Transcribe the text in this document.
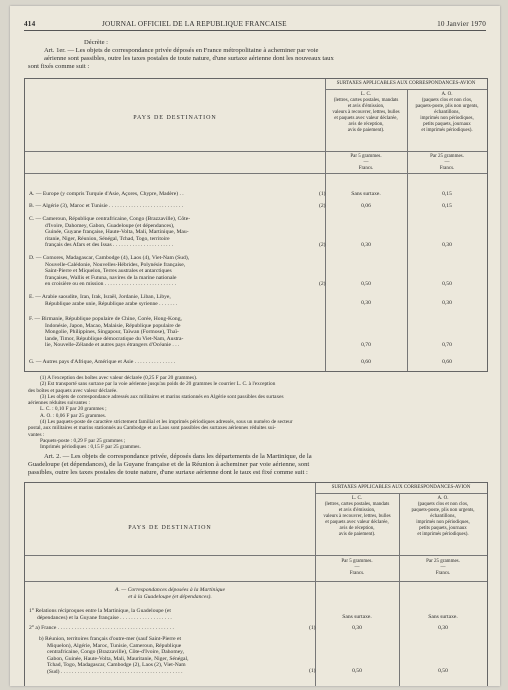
414	JOURNAL OFFICIEL DE LA REPUBLIQUE FRANCAISE	10 Janvier 1970
Décrète :
Art. 1er. — Les objets de correspondance privée déposés en France métropolitaine à acheminer par voie
aérienne sont passibles, outre les taxes postales de toute nature, d'une surtaxe aérienne dont les nouveaux taux
sont fixés comme suit :
SURTAXES APPLICABLES AUX CORRESPONDANCES-AVION
PAYS DE DESTINATION
L. C.
(lettres, cartes postales, mandats
et avis d'émission,
valeurs à recouvrer, lettres, bulles
et paquets avec valeur déclarée,
avis de réception,
avis de paiement).
A. O.
(paquets clos et non clos,
paquets-poste, plis non urgents,
échantillons,
imprimés non périodiques,
petits paquets, journaux
et imprimés périodiques).
Par 5 grammes.
—
Francs.
Par 25 grammes.
—
Francs.
A. — Europe (y compris Turquie d'Asie, Açores, Chypre, Madère) . .	(1)	Sans surtaxe.	0,15
B. — Algérie (3), Maroc et Tunisie . . . . . . . . . . . . . . . . . . . . . . . . . . .	(2)	0,06	0,15
C. — Cameroun, République centrafricaine, Congo (Brazzaville), Côte-
d'Ivoire, Dahomey, Gabon, Guadeloupe (et dépendances),
Guinée, Guyane française, Haute-Volta, Mali, Martinique, Mau-
ritanie, Niger, Réunion, Sénégal, Tchad, Togo, territoire
français des Afars et des Issas . . . . . . . . . . . . . . . . . . . . . .	(2)	0,30	0,30
D. — Comores, Madagascar, Cambodge (4), Laos (4), Viet-Nam (Sud),
Nouvelle-Calédonie, Nouvelles-Hébrides, Polynésie française,
Saint-Pierre et Miquelon, Terres australes et antarctiques
françaises, Wallis et Futuna, navires de la marine nationale
en croisière ou en mission . . . . . . . . . . . . . . . . . . . . . . . . . .	(2)	0,50	0,50
E. — Arabie saoudite, Iran, Irak, Israël, Jordanie, Liban, Libye,
République arabe unie, République arabe syrienne . . . . . . .	0,30	0,30
F. — Birmanie, République populaire de Chine, Corée, Hong-Kong,
Indonésie, Japon, Macao, Malaisie, République populaire de
Mongolie, Philippines, Singapour, Taïwan (Formose), Thaï-
lande, Timor, République démocratique du Viet-Nam, Austra-
lie, Nouvelle-Zélande et autres pays étrangers d'Océanie . . .	0,70	0,70
G. — Autres pays d'Afrique, Amérique et Asie . . . . . . . . . . . . . . .	0,60	0,60
(1) A l'exception des boîtes avec valeur déclarée (0,25 F par 20 grammes).
(2) Est transporté sans surtaxe par la voie aérienne jusqu'au poids de 20 grammes le courrier L. C. à l'exception
des boîtes et paquets avec valeur déclarée.
(3) Les objets de correspondance adressés aux militaires et marins stationnés en Algérie sont passibles des surtaxes
aériennes réduites suivantes :
L. C. : 0,10 F par 20 grammes ;
A. O. : 0,06 F par 25 grammes.
(4) Les paquets-poste de caractère strictement familial et les imprimés périodiques adressés, sous un numéro de secteur
postal, aux militaires et marins stationnés au Cambodge et au Laos sont passibles des surtaxes aériennes réduites sui-
vantes :
Paquets-poste : 0,29 F par 25 grammes ;
Imprimés périodiques : 0,15 F par 25 grammes.
Art. 2. — Les objets de correspondance privée, déposés dans les départements de la Martinique, de la
Guadeloupe (et dépendances), de la Guyane française et de la Réunion à acheminer par voie aérienne, sont
passibles, outre les taxes postales de toute nature, d'une surtaxe aérienne dont le taux est fixé comme suit :
SURTAXES APPLICABLES AUX CORRESPONDANCES-AVION
PAYS DE DESTINATION
L. C.
(lettres, cartes postales, mandats
et avis d'émission,
valeurs à recouvrer, lettres, bulles
et paquets avec valeur déclarée,
avis de réception,
avis de paiement).
A. O.
(paquets clos et non clos,
paquets-poste, plis non urgents,
échantillons,
imprimés non périodiques,
petits paquets, journaux
et imprimés périodiques).
Par 5 grammes.
—
Francs.
Par 25 grammes.
—
Francs.
A. — Correspondances déposées à la Martinique
et à la Guadeloupe (et dépendances).
1° Relations réciproques entre la Martinique, la Guadeloupe (et
dépendances) et la Guyane française . . . . . . . . . . . . . . . . . . .	Sans surtaxe.	Sans surtaxe.
2° a) France . . . . . . . . . . . . . . . . . . . . . . . . . . . . . . . . . . . . . . . . . .	(1)	0,30	0,30
b) Réunion, territoires français d'outre-mer (sauf Saint-Pierre et
Miquelon), Algérie, Maroc, Tunisie, Cameroun, République
centrafricaine, Congo (Brazzaville), Côte-d'Ivoire, Dahomey,
Gabon, Guinée, Haute-Volta, Mali, Mauritanie, Niger, Sénégal,
Tchad, Togo, Madagascar, Cambodge (2), Laos (2), Viet-Nam
(Sud) . . . . . . . . . . . . . . . . . . . . . . . . . . . . . . . . . . . . . . . . . . . .	(1)	0,50	0,50
